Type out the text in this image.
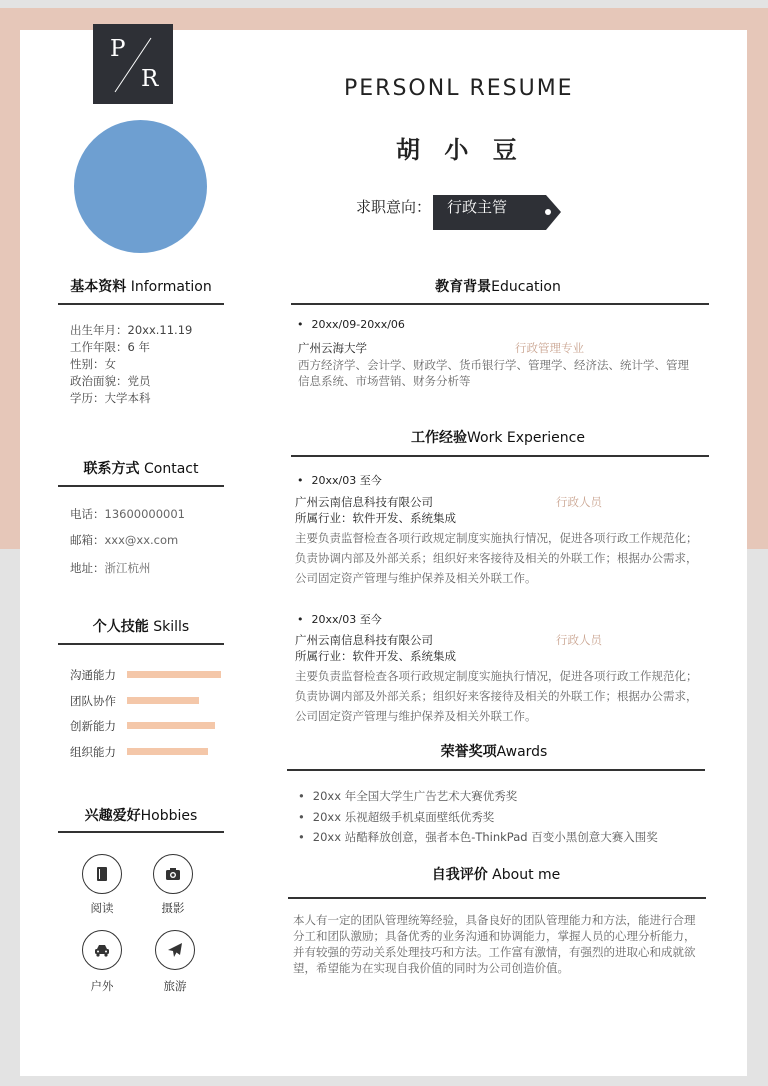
P
R	PERSONL RESUME
胡 小 豆
求职意向： 行政主管
基本资料 Information
出生年月：20xx.11.19
工作年限：6 年
性别：女
政治面貌：党员
学历：大学本科
联系方式 Contact
电话：13600000001
邮箱：xxx@xx.com
地址：浙江杭州
个人技能 Skills
沟通能力
团队协作
创新能力
组织能力
兴趣爱好Hobbies
阅读	摄影
户外	旅游
教育背景Education
• 20xx/09-20xx/06
广州云海大学	行政管理专业
西方经济学、会计学、财政学、货币银行学、管理学、经济法、统计学、管理信息系统、市场营销、财务分析等
工作经验Work Experience
• 20xx/03 至今
广州云南信息科技有限公司	行政人员
所属行业：软件开发、系统集成
主要负责监督检查各项行政规定制度实施执行情况，促进各项行政工作规范化；负责协调内部及外部关系；组织好来客接待及相关的外联工作；根据办公需求，公司固定资产管理与维护保养及相关外联工作。
• 20xx/03 至今
广州云南信息科技有限公司	行政人员
所属行业：软件开发、系统集成
主要负责监督检查各项行政规定制度实施执行情况，促进各项行政工作规范化；负责协调内部及外部关系；组织好来客接待及相关的外联工作；根据办公需求，公司固定资产管理与维护保养及相关外联工作。
荣誉奖项Awards
• 20xx 年全国大学生广告艺术大赛优秀奖
• 20xx 乐视超级手机桌面壁纸优秀奖
• 20xx 站酷释放创意，强者本色-ThinkPad 百变小黑创意大赛入围奖
自我评价 About me
本人有一定的团队管理统筹经验，具备良好的团队管理能力和方法，能进行合理分工和团队激励；具备优秀的业务沟通和协调能力，掌握人员的心理分析能力，并有较强的劳动关系处理技巧和方法。工作富有激情，有强烈的进取心和成就欲望，希望能为在实现自我价值的同时为公司创造价值。
